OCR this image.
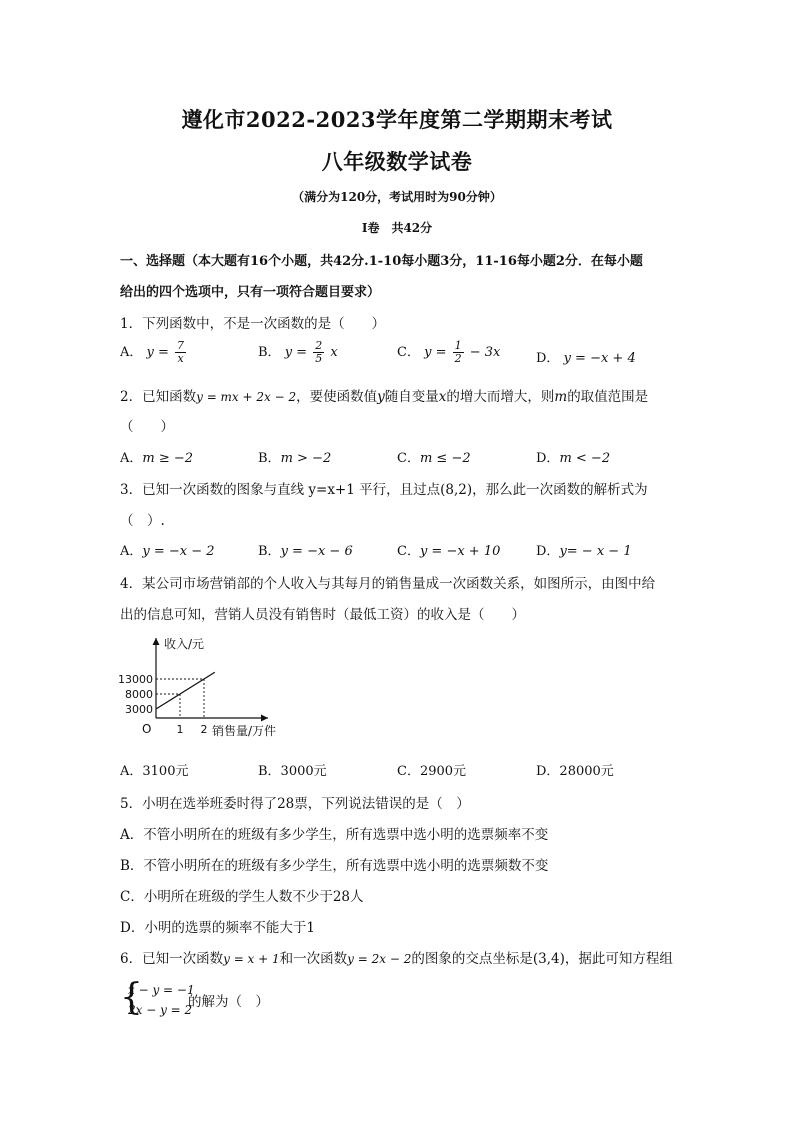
遵化市2022-2023学年度第二学期期末考试
八年级数学试卷
（满分为120分，考试用时为90分钟）
Ⅰ卷　共42分
一、选择题（本大题有16个小题，共42分.1-10每小题3分，11-16每小题2分．在每小题
给出的四个选项中，只有一项符合题目要求）
1．下列函数中，不是一次函数的是（　　）
A． $y = \frac{7}{x}$	B． $y = \frac{2}{5}$ x	C． $y = \frac{1}{2} - 3x$	D． y = −x + 4
2．已知函数y = mx + 2x − 2，要使函数值y随自变量x的增大而增大，则m的取值范围是
（　　）
A．m ≥ −2	B．m > −2	C．m ≤ −2	D．m < −2
3．已知一次函数的图象与直线 y=x+1 平行，且过点(8,2)，那么此一次函数的解析式为
（　）.
A．y = −x − 2	B．y = −x − 6	C．y = −x + 10	D．y= − x − 1
4．某公司市场营销部的个人收入与其每月的销售量成一次函数关系，如图所示，由图中给
出的信息可知，营销人员没有销售时（最低工资）的收入是（　　）
收入/元
销售量/万件
O
3000
8000
13000
1 2
A．3100元	B．3000元	C．2900元	D．28000元
5．小明在选举班委时得了28票，下列说法错误的是（　）
A．不管小明所在的班级有多少学生，所有选票中选小明的选票频率不变
B．不管小明所在的班级有多少学生，所有选票中选小明的选票频数不变
C．小明所在班级的学生人数不少于28人
D．小明的选票的频率不能大于1
6．已知一次函数y = x + 1和一次函数y = 2x − 2的图象的交点坐标是(3,4)，据此可知方程组
{
x − y = −1
2x − y = 2
的解为（　）
